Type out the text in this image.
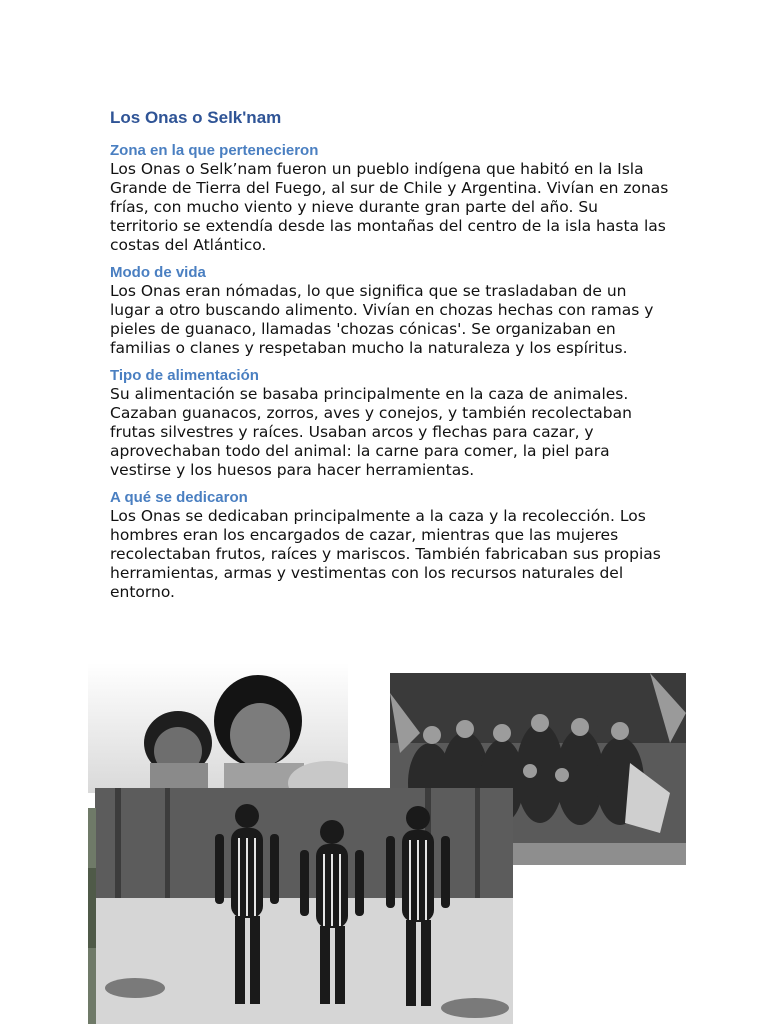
Los Onas o Selk'nam
Zona en la que pertenecieron

Los Onas o Selk’nam fueron un pueblo indígena que habitó en la Isla Grande de Tierra del Fuego, al sur de Chile y Argentina. Vivían en zonas frías, con mucho viento y nieve durante gran parte del año. Su territorio se extendía desde las montañas del centro de la isla hasta las costas del Atlántico.

Modo de vida

Los Onas eran nómadas, lo que significa que se trasladaban de un lugar a otro buscando alimento. Vivían en chozas hechas con ramas y pieles de guanaco, llamadas 'chozas cónicas'. Se organizaban en familias o clanes y respetaban mucho la naturaleza y los espíritus.

Tipo de alimentación

Su alimentación se basaba principalmente en la caza de animales. Cazaban guanacos, zorros, aves y conejos, y también recolectaban frutas silvestres y raíces. Usaban arcos y flechas para cazar, y aprovechaban todo del animal: la carne para comer, la piel para vestirse y los huesos para hacer herramientas.

A qué se dedicaron

Los Onas se dedicaban principalmente a la caza y la recolección. Los hombres eran los encargados de cazar, mientras que las mujeres recolectaban frutos, raíces y mariscos. También fabricaban sus propias herramientas, armas y vestimentas con los recursos naturales del entorno.
